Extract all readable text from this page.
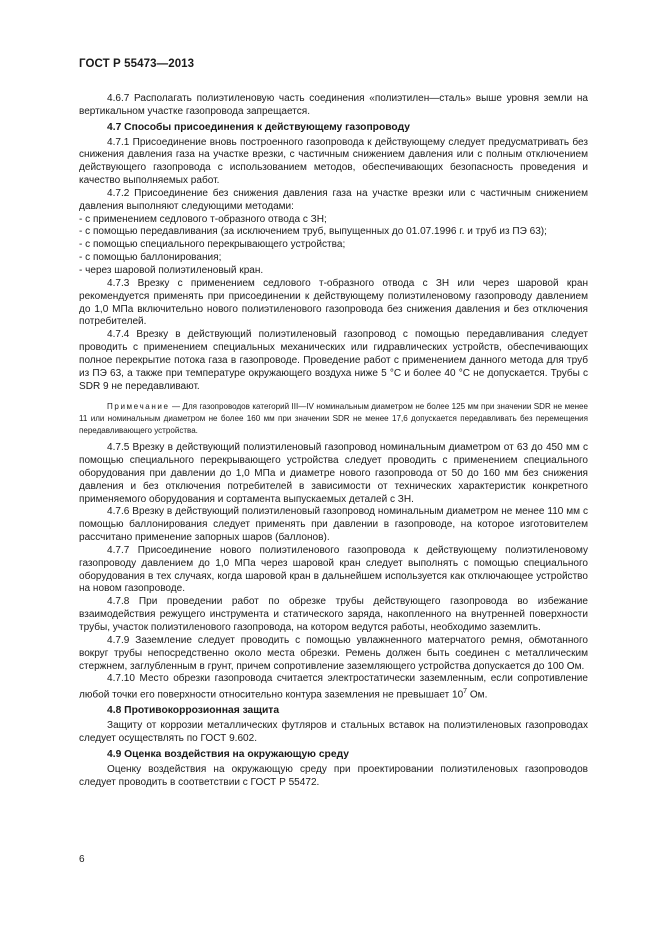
ГОСТ Р 55473—2013

4.6.7 Располагать полиэтиленовую часть соединения «полиэтилен—сталь» выше уровня земли на вертикальном участке газопровода запрещается.

4.7 Способы присоединения к действующему газопроводу

4.7.1 Присоединение вновь построенного газопровода к действующему следует предусматривать без снижения давления газа на участке врезки, с частичным снижением давления или с полным отключением действующего газопровода с использованием методов, обеспечивающих безопасность проведения и качество выполняемых работ.

4.7.2 Присоединение без снижения давления газа на участке врезки или с частичным снижением давления выполняют следующими методами:

- с применением седлового т-образного отвода с ЗН;

- с помощью передавливания (за исключением труб, выпущенных до 01.07.1996 г. и труб из ПЭ 63);

- с помощью специального перекрывающего устройства;

- с помощью баллонирования;

- через шаровой полиэтиленовый кран.

4.7.3 Врезку с применением седлового т-образного отвода с ЗН или через шаровой кран рекомендуется применять при присоединении к действующему полиэтиленовому газопроводу давлением до 1,0 МПа включительно нового полиэтиленового газопровода без снижения давления и без отключения потребителей.

4.7.4 Врезку в действующий полиэтиленовый газопровод с помощью передавливания следует проводить с применением специальных механических или гидравлических устройств, обеспечивающих полное перекрытие потока газа в газопроводе. Проведение работ с применением данного метода для труб из ПЭ 63, а также при температуре окружающего воздуха ниже 5 °С и более 40 °С не допускается. Трубы с SDR 9 не передавливают.

Примечание — Для газопроводов категорий III—IV номинальным диаметром не более 125 мм при значении SDR не менее 11 или номинальным диаметром не более 160 мм при значении SDR не менее 17,6 допускается передавливать без перемещения передавливающего устройства.

4.7.5 Врезку в действующий полиэтиленовый газопровод номинальным диаметром от 63 до 450 мм с помощью специального перекрывающего устройства следует проводить с применением специального оборудования при давлении до 1,0 МПа и диаметре нового газопровода от 50 до 160 мм без снижения давления и без отключения потребителей в зависимости от технических характеристик конкретного применяемого оборудования и сортамента выпускаемых деталей с ЗН.

4.7.6 Врезку в действующий полиэтиленовый газопровод номинальным диаметром не менее 110 мм с помощью баллонирования следует применять при давлении в газопроводе, на которое изготовителем рассчитано применение запорных шаров (баллонов).

4.7.7 Присоединение нового полиэтиленового газопровода к действующему полиэтиленовому газопроводу давлением до 1,0 МПа через шаровой кран следует выполнять с помощью специального оборудования в тех случаях, когда шаровой кран в дальнейшем используется как отключающее устройство на новом газопроводе.

4.7.8 При проведении работ по обрезке трубы действующего газопровода во избежание взаимодействия режущего инструмента и статического заряда, накопленного на внутренней поверхности трубы, участок полиэтиленового газопровода, на котором ведутся работы, необходимо заземлить.

4.7.9 Заземление следует проводить с помощью увлажненного матерчатого ремня, обмотанного вокруг трубы непосредственно около места обрезки. Ремень должен быть соединен с металлическим стержнем, заглубленным в грунт, причем сопротивление заземляющего устройства допускается до 100 Ом.

4.7.10 Место обрезки газопровода считается электростатически заземленным, если сопротивление любой точки его поверхности относительно контура заземления не превышает $10^7$ Ом.

4.8 Противокоррозионная защита

Защиту от коррозии металлических футляров и стальных вставок на полиэтиленовых газопроводах следует осуществлять по ГОСТ 9.602.

4.9 Оценка воздействия на окружающую среду

Оценку воздействия на окружающую среду при проектировании полиэтиленовых газопроводов следует проводить в соответствии с ГОСТ Р 55472.

6
